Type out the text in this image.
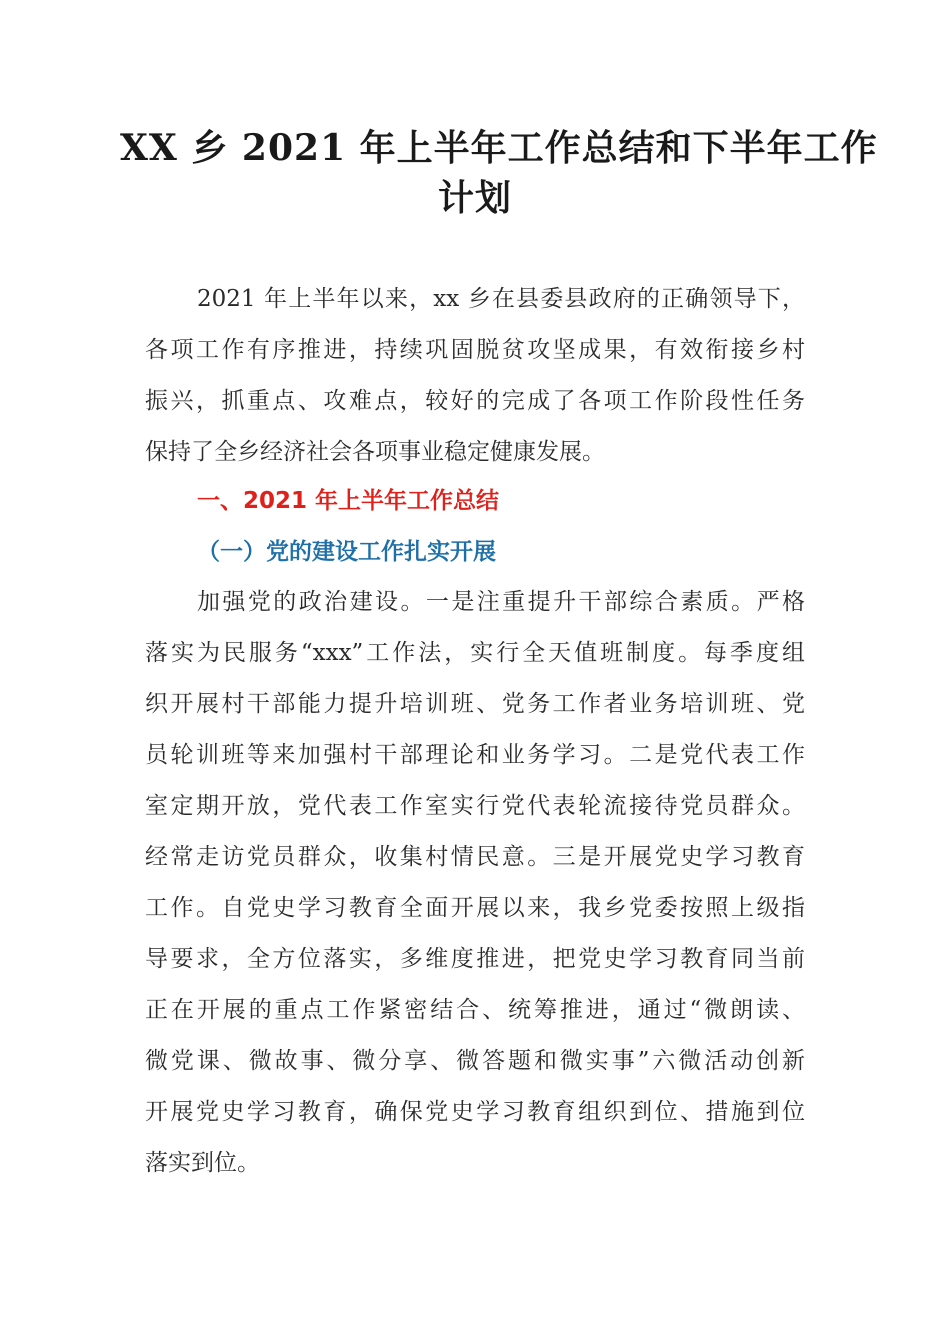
XX 乡 2021 年上半年工作总结和下半年工作
计划

2021 年上半年以来，xx 乡在县委县政府的正确领导下，

各项工作有序推进，持续巩固脱贫攻坚成果，有效衔接乡村

振兴，抓重点、攻难点，较好的完成了各项工作阶段性任务

保持了全乡经济社会各项事业稳定健康发展。

一、2021 年上半年工作总结
（一）党的建设工作扎实开展

加强党的政治建设。一是注重提升干部综合素质。严格

落实为民服务“xxx”工作法，实行全天值班制度。每季度组

织开展村干部能力提升培训班、党务工作者业务培训班、党

员轮训班等来加强村干部理论和业务学习。二是党代表工作

室定期开放，党代表工作室实行党代表轮流接待党员群众。

经常走访党员群众，收集村情民意。三是开展党史学习教育

工作。自党史学习教育全面开展以来，我乡党委按照上级指

导要求，全方位落实，多维度推进，把党史学习教育同当前

正在开展的重点工作紧密结合、统筹推进，通过“微朗读、

微党课、微故事、微分享、微答题和微实事”六微活动创新

开展党史学习教育，确保党史学习教育组织到位、措施到位

落实到位。
